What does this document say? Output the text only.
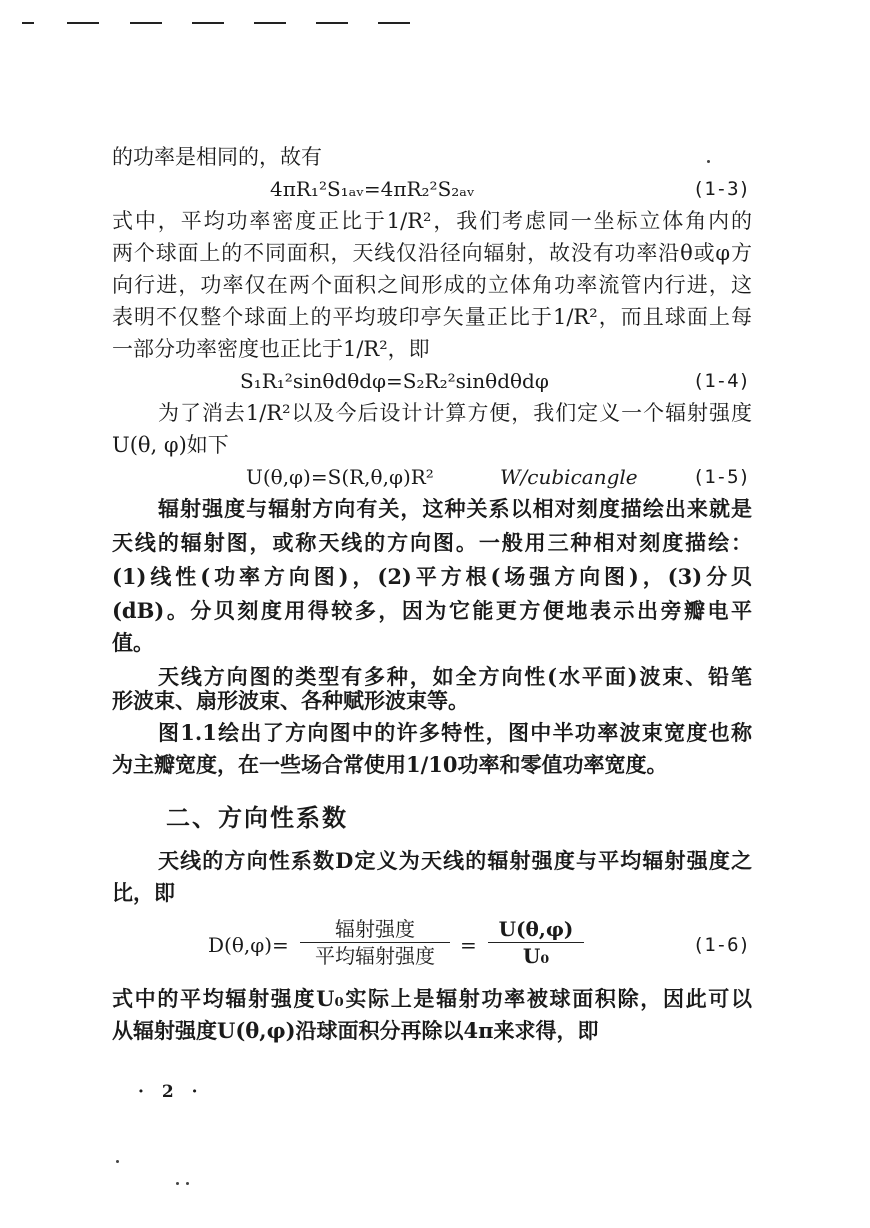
的功率是相同的，故有
4πR₁²S₁ₐᵥ=4πR₂²S₂ₐᵥ	(1-3)
式中，平均功率密度正比于1/R²，我们考虑同一坐标立体角内的
两个球面上的不同面积，天线仅沿径向辐射，故没有功率沿θ或φ方
向行进，功率仅在两个面积之间形成的立体角功率流管内行进，这
表明不仅整个球面上的平均玻印亭矢量正比于1/R²，而且球面上每
一部分功率密度也正比于1/R²，即
S₁R₁²sinθdθdφ=S₂R₂²sinθdθdφ	(1-4)
为了消去1/R²以及今后设计计算方便，我们定义一个辐射强度
U(θ, φ)如下
U(θ,φ)=S(R,θ,φ)R²	W/cubicangle	(1-5)
辐射强度与辐射方向有关，这种关系以相对刻度描绘出来就是
天线的辐射图，或称天线的方向图。一般用三种相对刻度描绘：
(1)线性(功率方向图)，(2)平方根(场强方向图)，(3)分贝
(dB)。分贝刻度用得较多，因为它能更方便地表示出旁瓣电平
值。
天线方向图的类型有多种，如全方向性(水平面)波束、铅笔
形波束、扇形波束、各种赋形波束等。
图1.1绘出了方向图中的许多特性，图中半功率波束宽度也称
为主瓣宽度，在一些场合常使用1/10功率和零值功率宽度。
二、方向性系数
天线的方向性系数D定义为天线的辐射强度与平均辐射强度之
比，即
D(θ,φ)=
辐射强度
平均辐射强度	= $\frac{U(\theta,\varphi)}{\text{U₀}}$	(1-6)
式中的平均辐射强度U₀实际上是辐射功率被球面积除，因此可以
从辐射强度U(θ,φ)沿球面积分再除以4π来求得，即
· 2 ·
